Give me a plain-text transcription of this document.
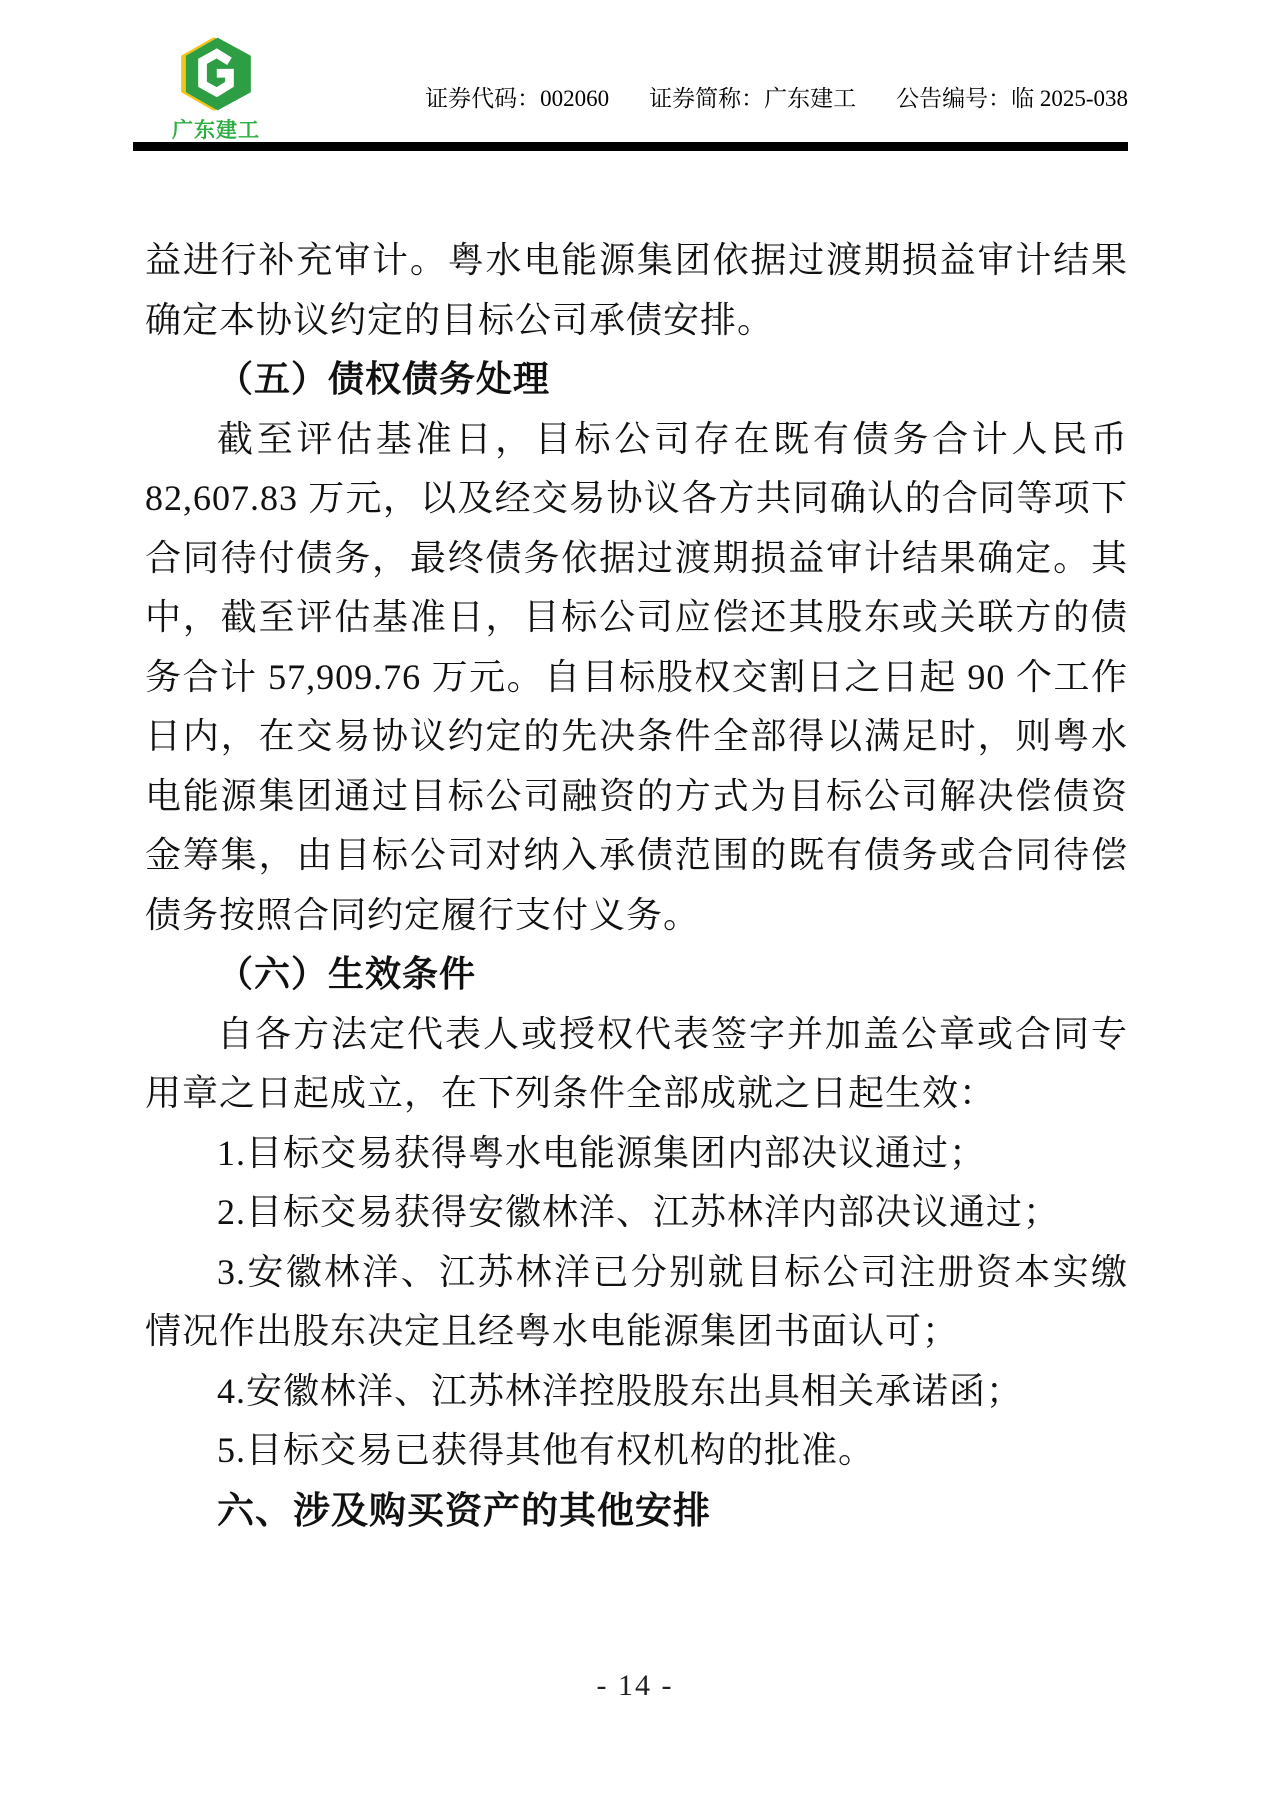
广东建工
证券代码：002060 证券简称：广东建工 公告编号：临 2025-038

益进行补充审计。粤水电能源集团依据过渡期损益审计结果确定本协议约定的目标公司承债安排。

（五）债权债务处理

截至评估基准日，目标公司存在既有债务合计人民币 82,607.83 万元，以及经交易协议各方共同确认的合同等项下合同待付债务，最终债务依据过渡期损益审计结果确定。其中，截至评估基准日，目标公司应偿还其股东或关联方的债务合计 57,909.76 万元。自目标股权交割日之日起 90 个工作日内，在交易协议约定的先决条件全部得以满足时，则粤水电能源集团通过目标公司融资的方式为目标公司解决偿债资金筹集，由目标公司对纳入承债范围的既有债务或合同待偿债务按照合同约定履行支付义务。

（六）生效条件

自各方法定代表人或授权代表签字并加盖公章或合同专用章之日起成立，在下列条件全部成就之日起生效：

1.目标交易获得粤水电能源集团内部决议通过；

2.目标交易获得安徽林洋、江苏林洋内部决议通过；

3.安徽林洋、江苏林洋已分别就目标公司注册资本实缴情况作出股东决定且经粤水电能源集团书面认可；

4.安徽林洋、江苏林洋控股股东出具相关承诺函；

5.目标交易已获得其他有权机构的批准。

六、涉及购买资产的其他安排

- 14 -
